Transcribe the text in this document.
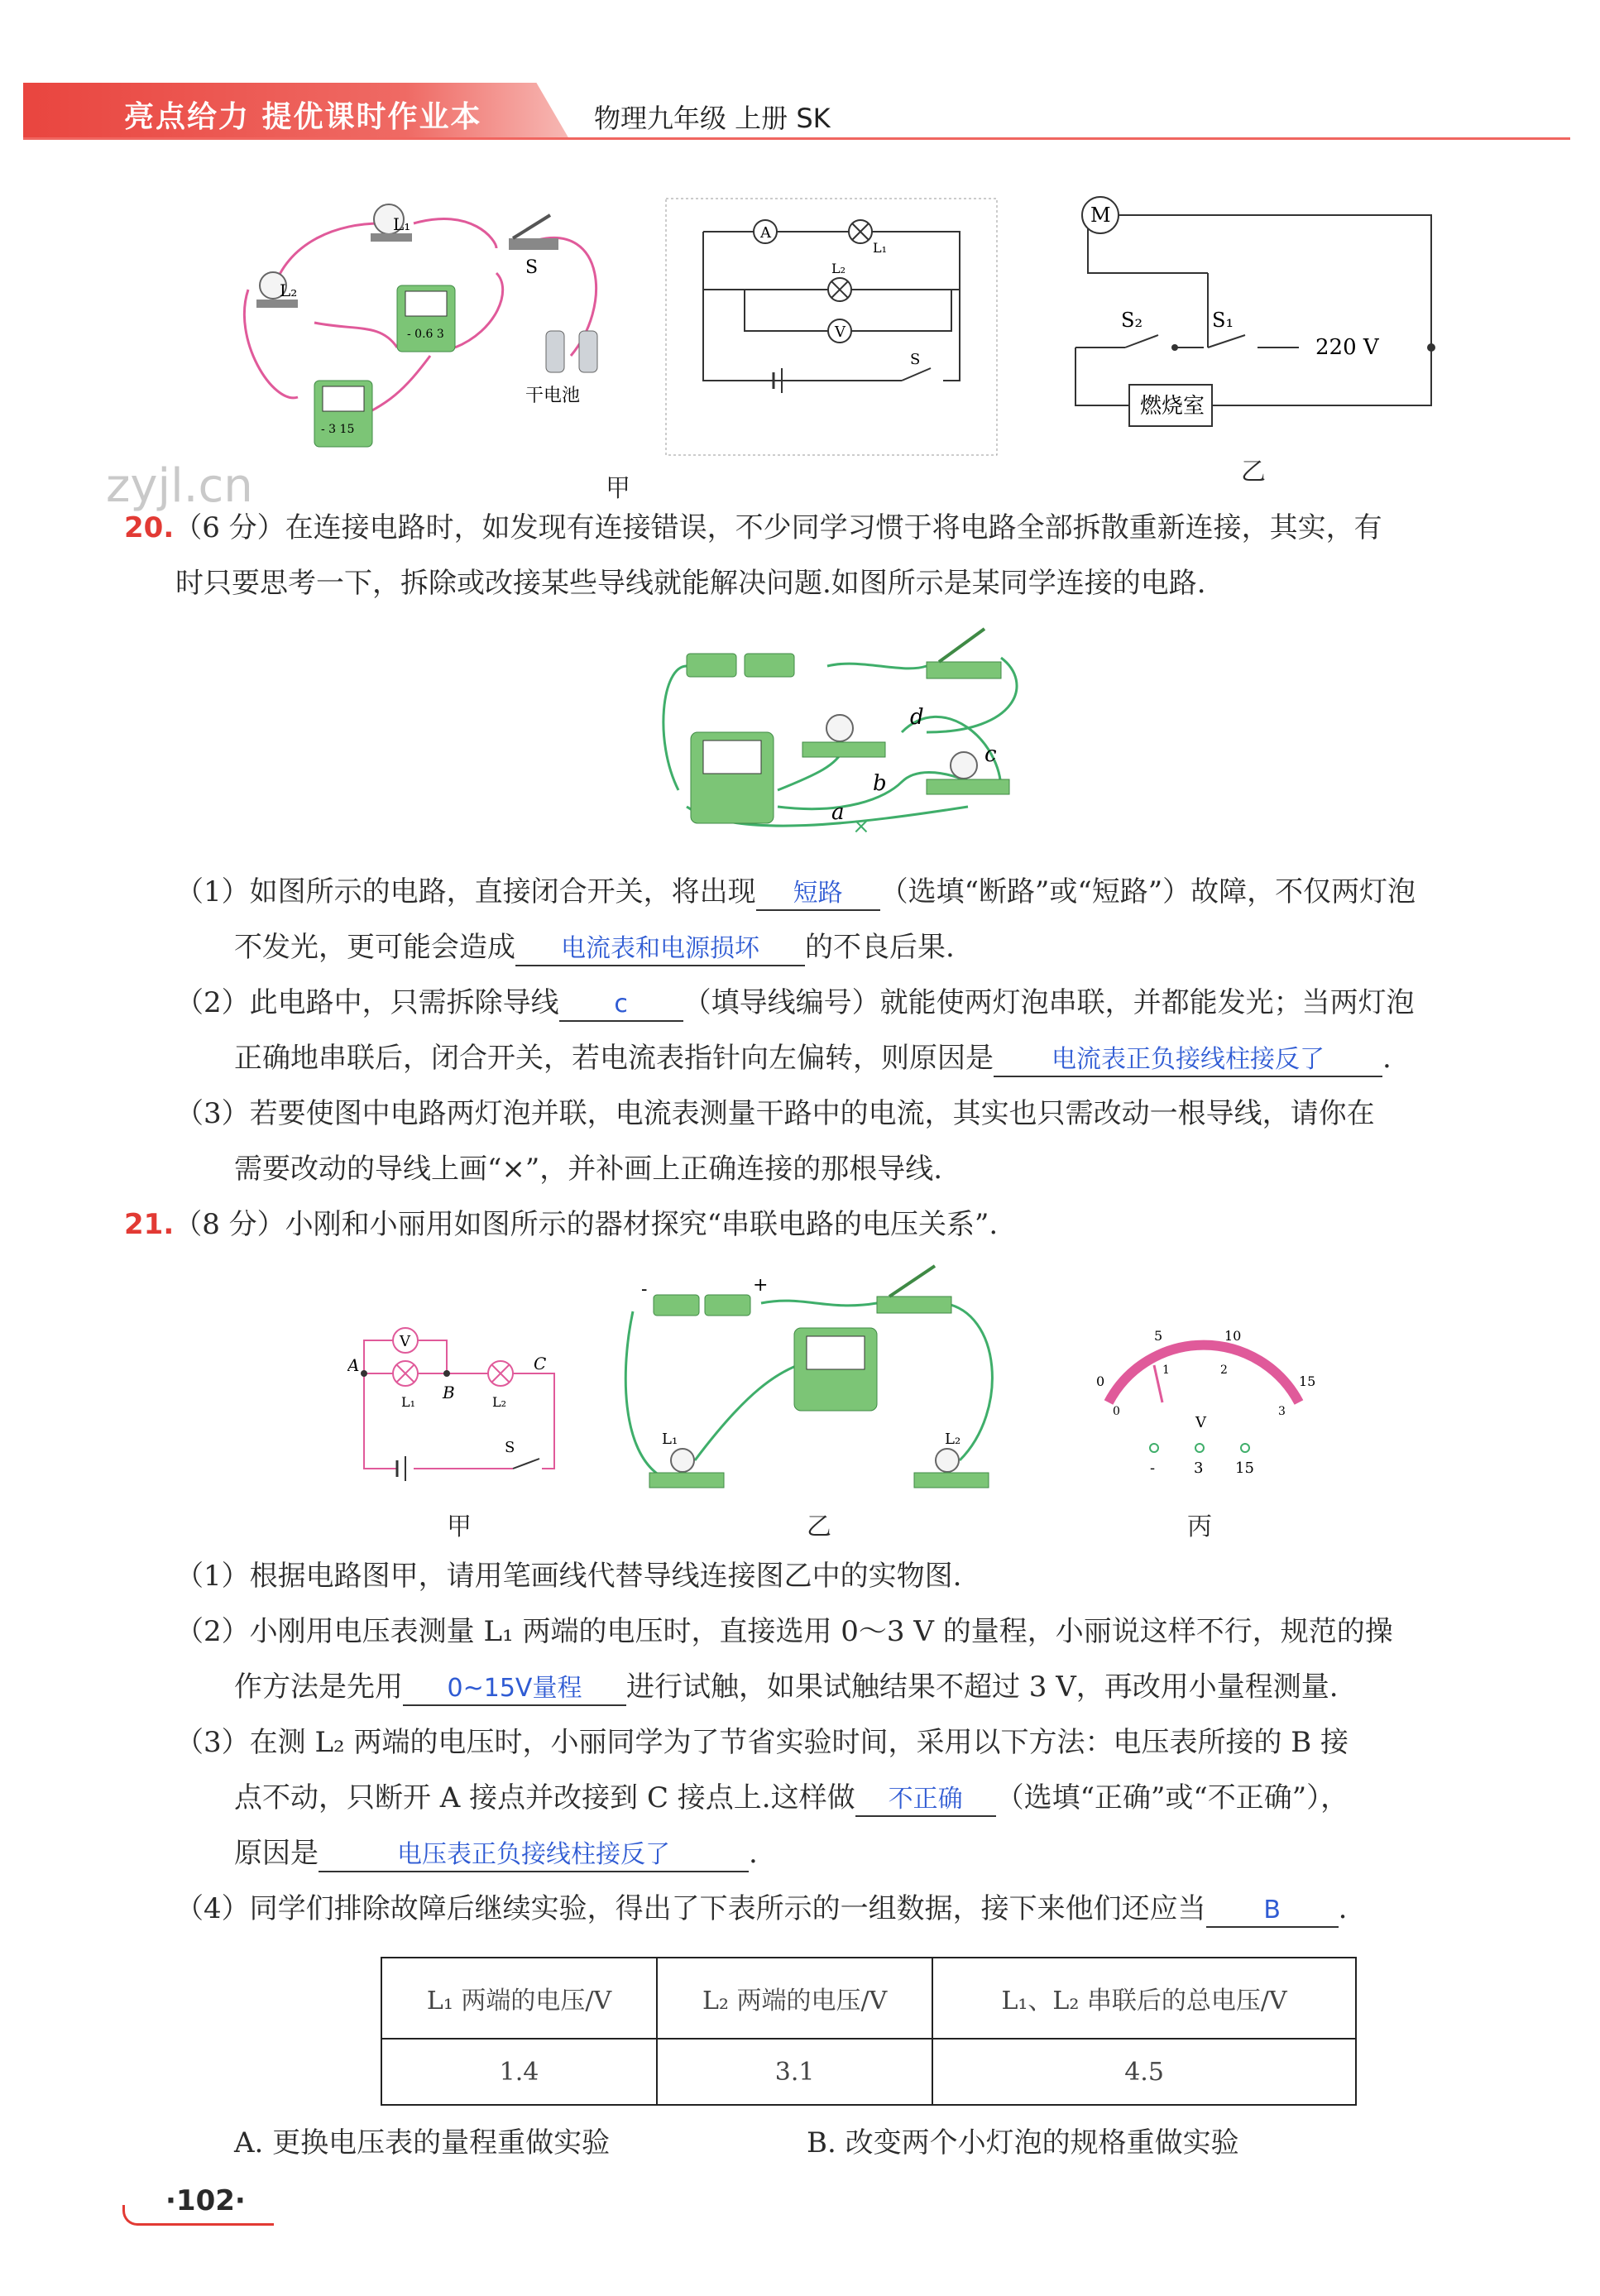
亮点给力 提优课时作业本	物理九年级 上册 SK
L₁
S
L₂
- 0.6 3
- 3 15
干电池
A
L₁
L₂
V
S
M
S₂	S₁
220 V
燃烧室
甲
乙
zyjl.cn
20.（6 分）在连接电路时，如发现有连接错误，不少同学习惯于将电路全部拆散重新连接，其实，有
时只要思考一下，拆除或改接某些导线就能解决问题.如图所示是某同学连接的电路.
d
c
b
a
×
（1）如图所示的电路，直接闭合开关，将出现 短路 （选填“断路”或“短路”）故障，不仅两灯泡
不发光，更可能会造成 电流表和电源损坏 的不良后果.
（2）此电路中，只需拆除导线 c （填导线编号）就能使两灯泡串联，并都能发光；当两灯泡
正确地串联后，闭合开关，若电流表指针向左偏转，则原因是 电流表正负接线柱接反了 .
（3）若要使图中电路两灯泡并联，电流表测量干路中的电流，其实也只需改动一根导线，请你在
需要改动的导线上画“×”，并补画上正确连接的那根导线.
21.（8 分）小刚和小丽用如图所示的器材探究“串联电路的电压关系”.
V
A
B
C
L₁	L₂
S
-	+
L₁	L₂
0
5	10
15
0
1	2
3
V
-	3 15
甲	乙	丙
（1）根据电路图甲，请用笔画线代替导线连接图乙中的实物图.
（2）小刚用电压表测量 L₁ 两端的电压时，直接选用 0～3 V 的量程，小丽说这样不行，规范的操
作方法是先用 0~15V量程 进行试触，如果试触结果不超过 3 V，再改用小量程测量.
（3）在测 L₂ 两端的电压时，小丽同学为了节省实验时间，采用以下方法：电压表所接的 B 接
点不动，只断开 A 接点并改接到 C 接点上.这样做 不正确 （选填“正确”或“不正确”），
原因是	电压表正负接线柱接反了	.
（4）同学们排除故障后继续实验，得出了下表所示的一组数据，接下来他们还应当 B .
L₁ 两端的电压/V	L₂ 两端的电压/V	L₁、L₂ 串联后的总电压/V
1.4	3.1	4.5
A. 更换电压表的量程重做实验	B. 改变两个小灯泡的规格重做实验
·102·
